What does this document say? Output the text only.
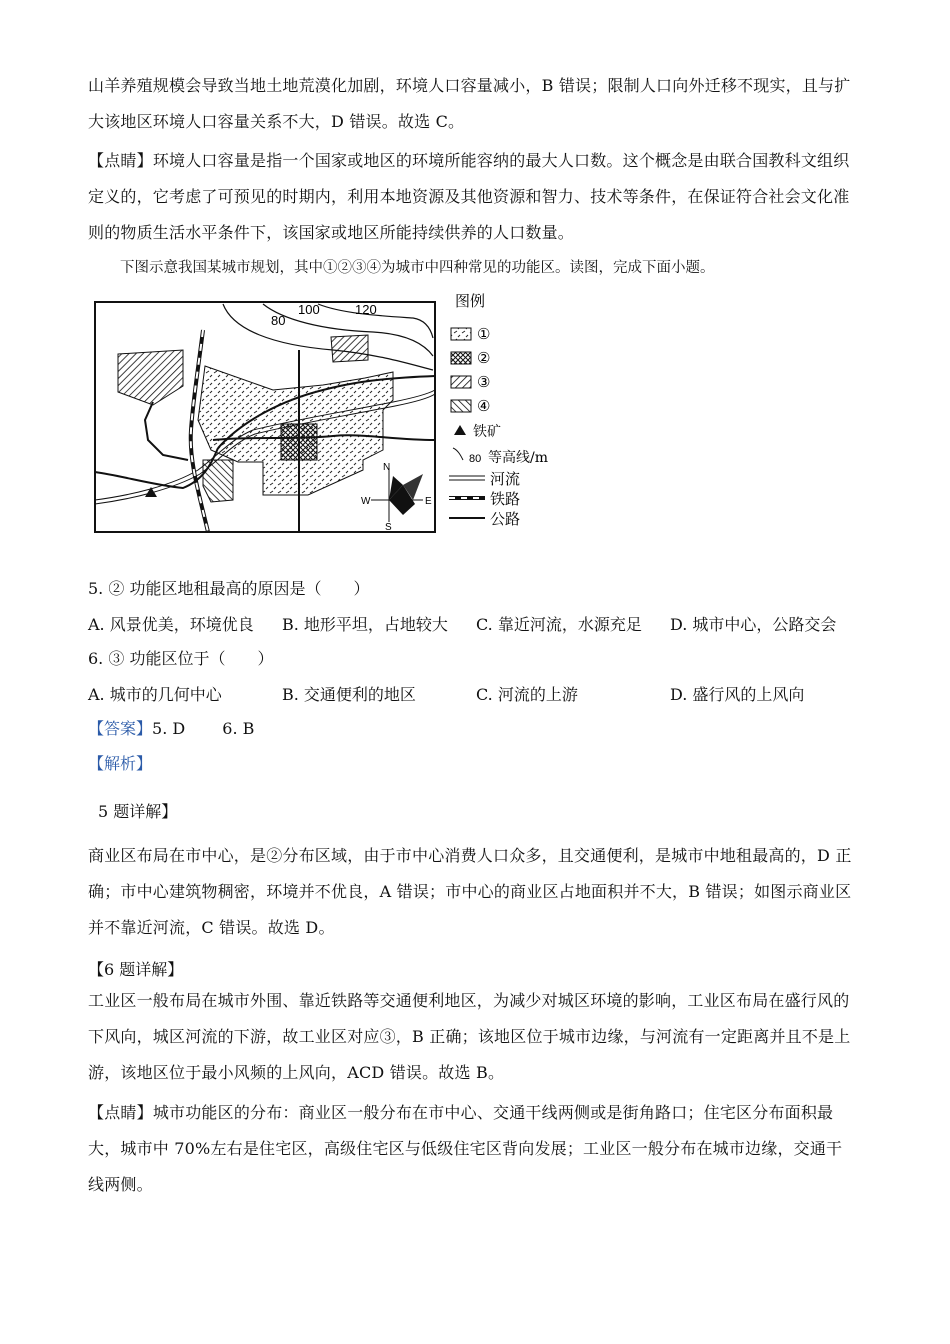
山羊养殖规模会导致当地土地荒漠化加剧，环境人口容量减小，B 错误；限制人口向外迁移不现实，且与扩大该地区环境人口容量关系不大，D 错误。故选 C。
【点睛】环境人口容量是指一个国家或地区的环境所能容纳的最大人口数。这个概念是由联合国教科文组织定义的，它考虑了可预见的时期内，利用本地资源及其他资源和智力、技术等条件，在保证符合社会文化准则的物质生活水平条件下，该国家或地区所能持续供养的人口数量。
下图示意我国某城市规划，其中①②③④为城市中四种常见的功能区。读图，完成下面小题。
80
100	120
N
S
W	E
图例
①
②
③
④
铁矿
80 等高线/m
河流
铁路
公路
5. ② 功能区地租最高的原因是（　　）
A. 风景优美，环境优良	B. 地形平坦，占地较大	C. 靠近河流，水源充足	D. 城市中心，公路交会
6. ③ 功能区位于（　　）
A. 城市的几何中心	B. 交通便利的地区	C. 河流的上游	D. 盛行风的上风向
【答案】5. D　　 6. B
【解析】
5 题详解】
商业区布局在市中心，是②分布区域，由于市中心消费人口众多，且交通便利，是城市中地租最高的，D 正确；市中心建筑物稠密，环境并不优良，A 错误；市中心的商业区占地面积并不大，B 错误；如图示商业区并不靠近河流，C 错误。故选 D。
【6 题详解】
工业区一般布局在城市外围、靠近铁路等交通便利地区，为减少对城区环境的影响，工业区布局在盛行风的下风向，城区河流的下游，故工业区对应③，B 正确；该地区位于城市边缘，与河流有一定距离并且不是上游，该地区位于最小风频的上风向，ACD 错误。故选 B。
【点睛】城市功能区的分布：商业区一般分布在市中心、交通干线两侧或是街角路口；住宅区分布面积最大，城市中 70%左右是住宅区，高级住宅区与低级住宅区背向发展；工业区一般分布在城市边缘，交通干线两侧。
